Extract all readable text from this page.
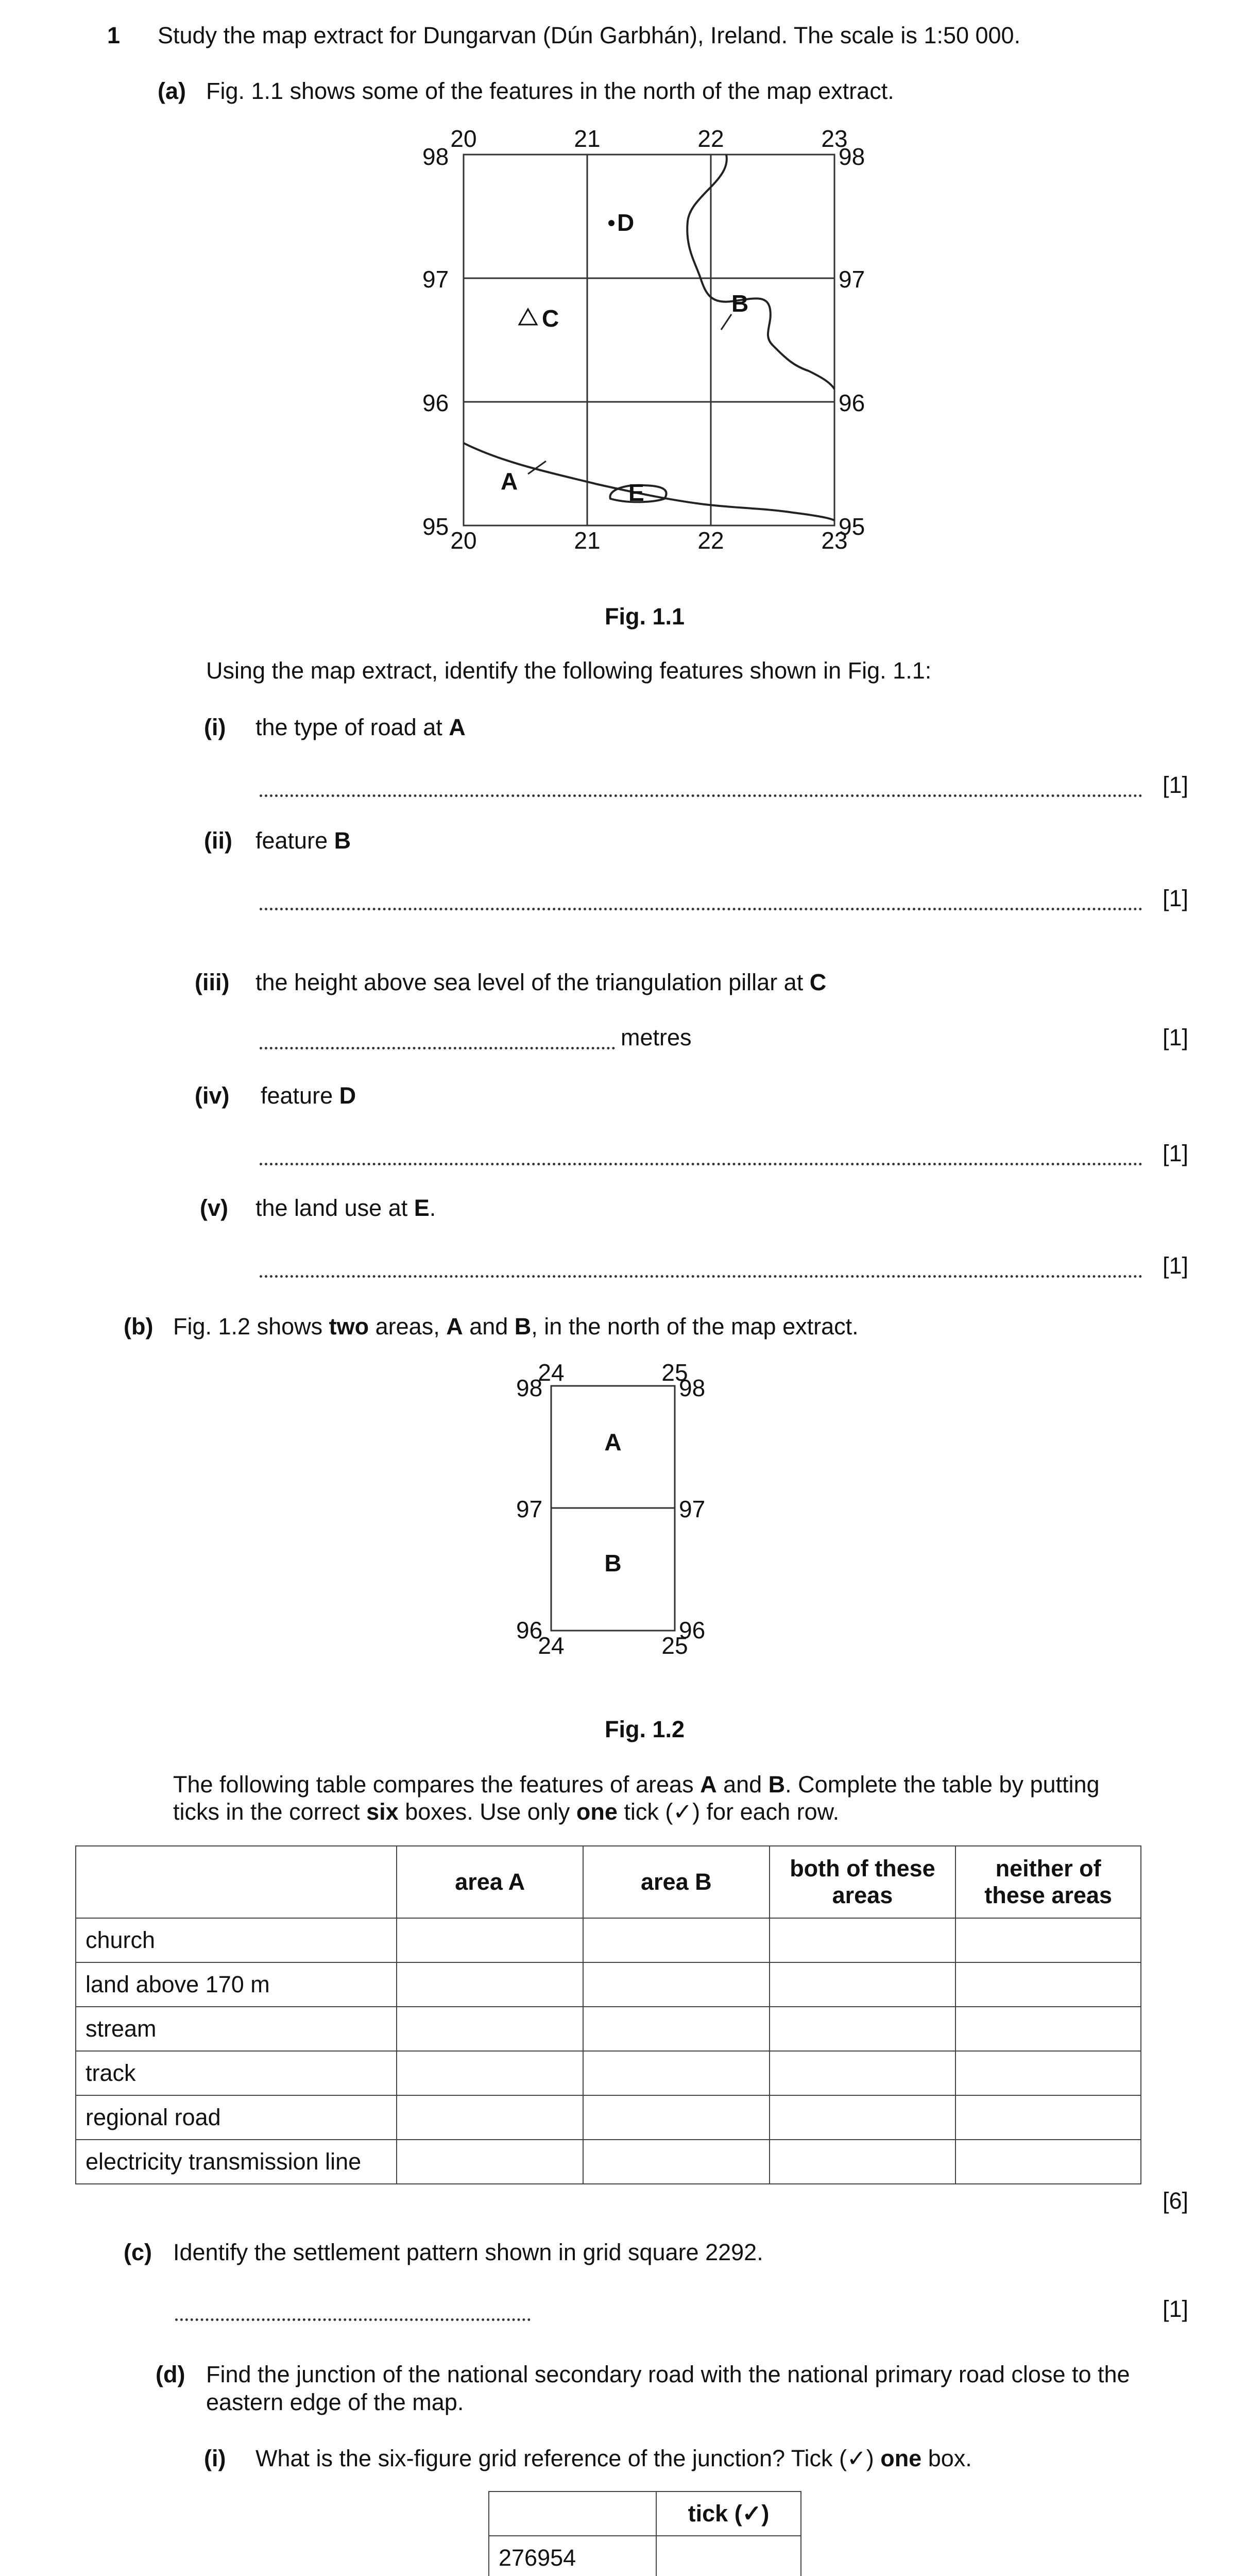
1 Study the map extract for Dungarvan (Dún Garbhán), Ireland. The scale is 1:50 000.
(a) Fig. 1.1 shows some of the features in the north of the map extract.
20	21	22	23
20	21	22	23
98
97
96
95
98
97
96
95
D
C
B
A	E
Fig. 1.1
Using the map extract, identify the following features shown in Fig. 1.1:
(i) the type of road at A
[1]
(ii) feature B
[1]
(iii) the height above sea level of the triangulation pillar at C
metres	[1]
(iv) feature D
[1]
(v) the land use at E.
[1]
(b) Fig. 1.2 shows two areas, A and B, in the north of the map extract.
24	25
24	25
98
97
96
98
97
96
A
B
Fig. 1.2
The following table compares the features of areas A and B. Complete the table by putting
ticks in the correct six boxes. Use only one tick (✓) for each row.
	area A	area B	both of these areas	neither of these areas
church				
land above 170 m				
stream				
track				
regional road				
electricity transmission line				
[6]
(c) Identify the settlement pattern shown in grid square 2292.
[1]
(d) Find the junction of the national secondary road with the national primary road close to the
eastern edge of the map.
(i) What is the six-figure grid reference of the junction? Tick (✓) one box.
	tick (✓)
276954	
